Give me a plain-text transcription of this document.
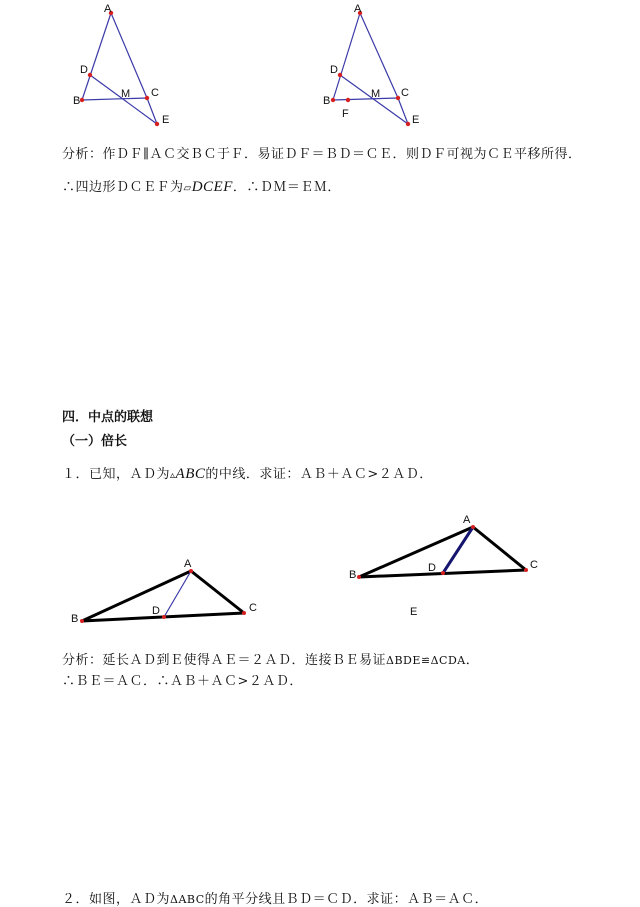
A
D
B
M C
E
A
D
B
M C
F	E
分析：作ＤＦ∥ＡＣ交ＢＣ于Ｆ．易证ＤＦ＝ＢＤ＝ＣＥ．则ＤＦ可视为ＣＥ平移所得．
∴四边形ＤＣＥＦ为▱DCEF．∴ＤＭ＝ＥＭ．
四．中点的联想
（一）倍长
１．已知，ＡＤ为▵ABC的中线．求证：ＡＢ＋ＡＣ>２ＡＤ．
A
B
C
D
A
B
C
D
E
分析：延长ＡＤ到Ｅ使得ＡＥ＝２ＡＤ．连接ＢＥ易证ΔBDE≌ΔCDA．
∴ＢＥ＝ＡＣ．∴ＡＢ＋ＡＣ>２ＡＤ．
２．如图，ＡＤ为ΔABC的角平分线且ＢＤ＝ＣＤ．求证：ＡＢ＝ＡＣ．
